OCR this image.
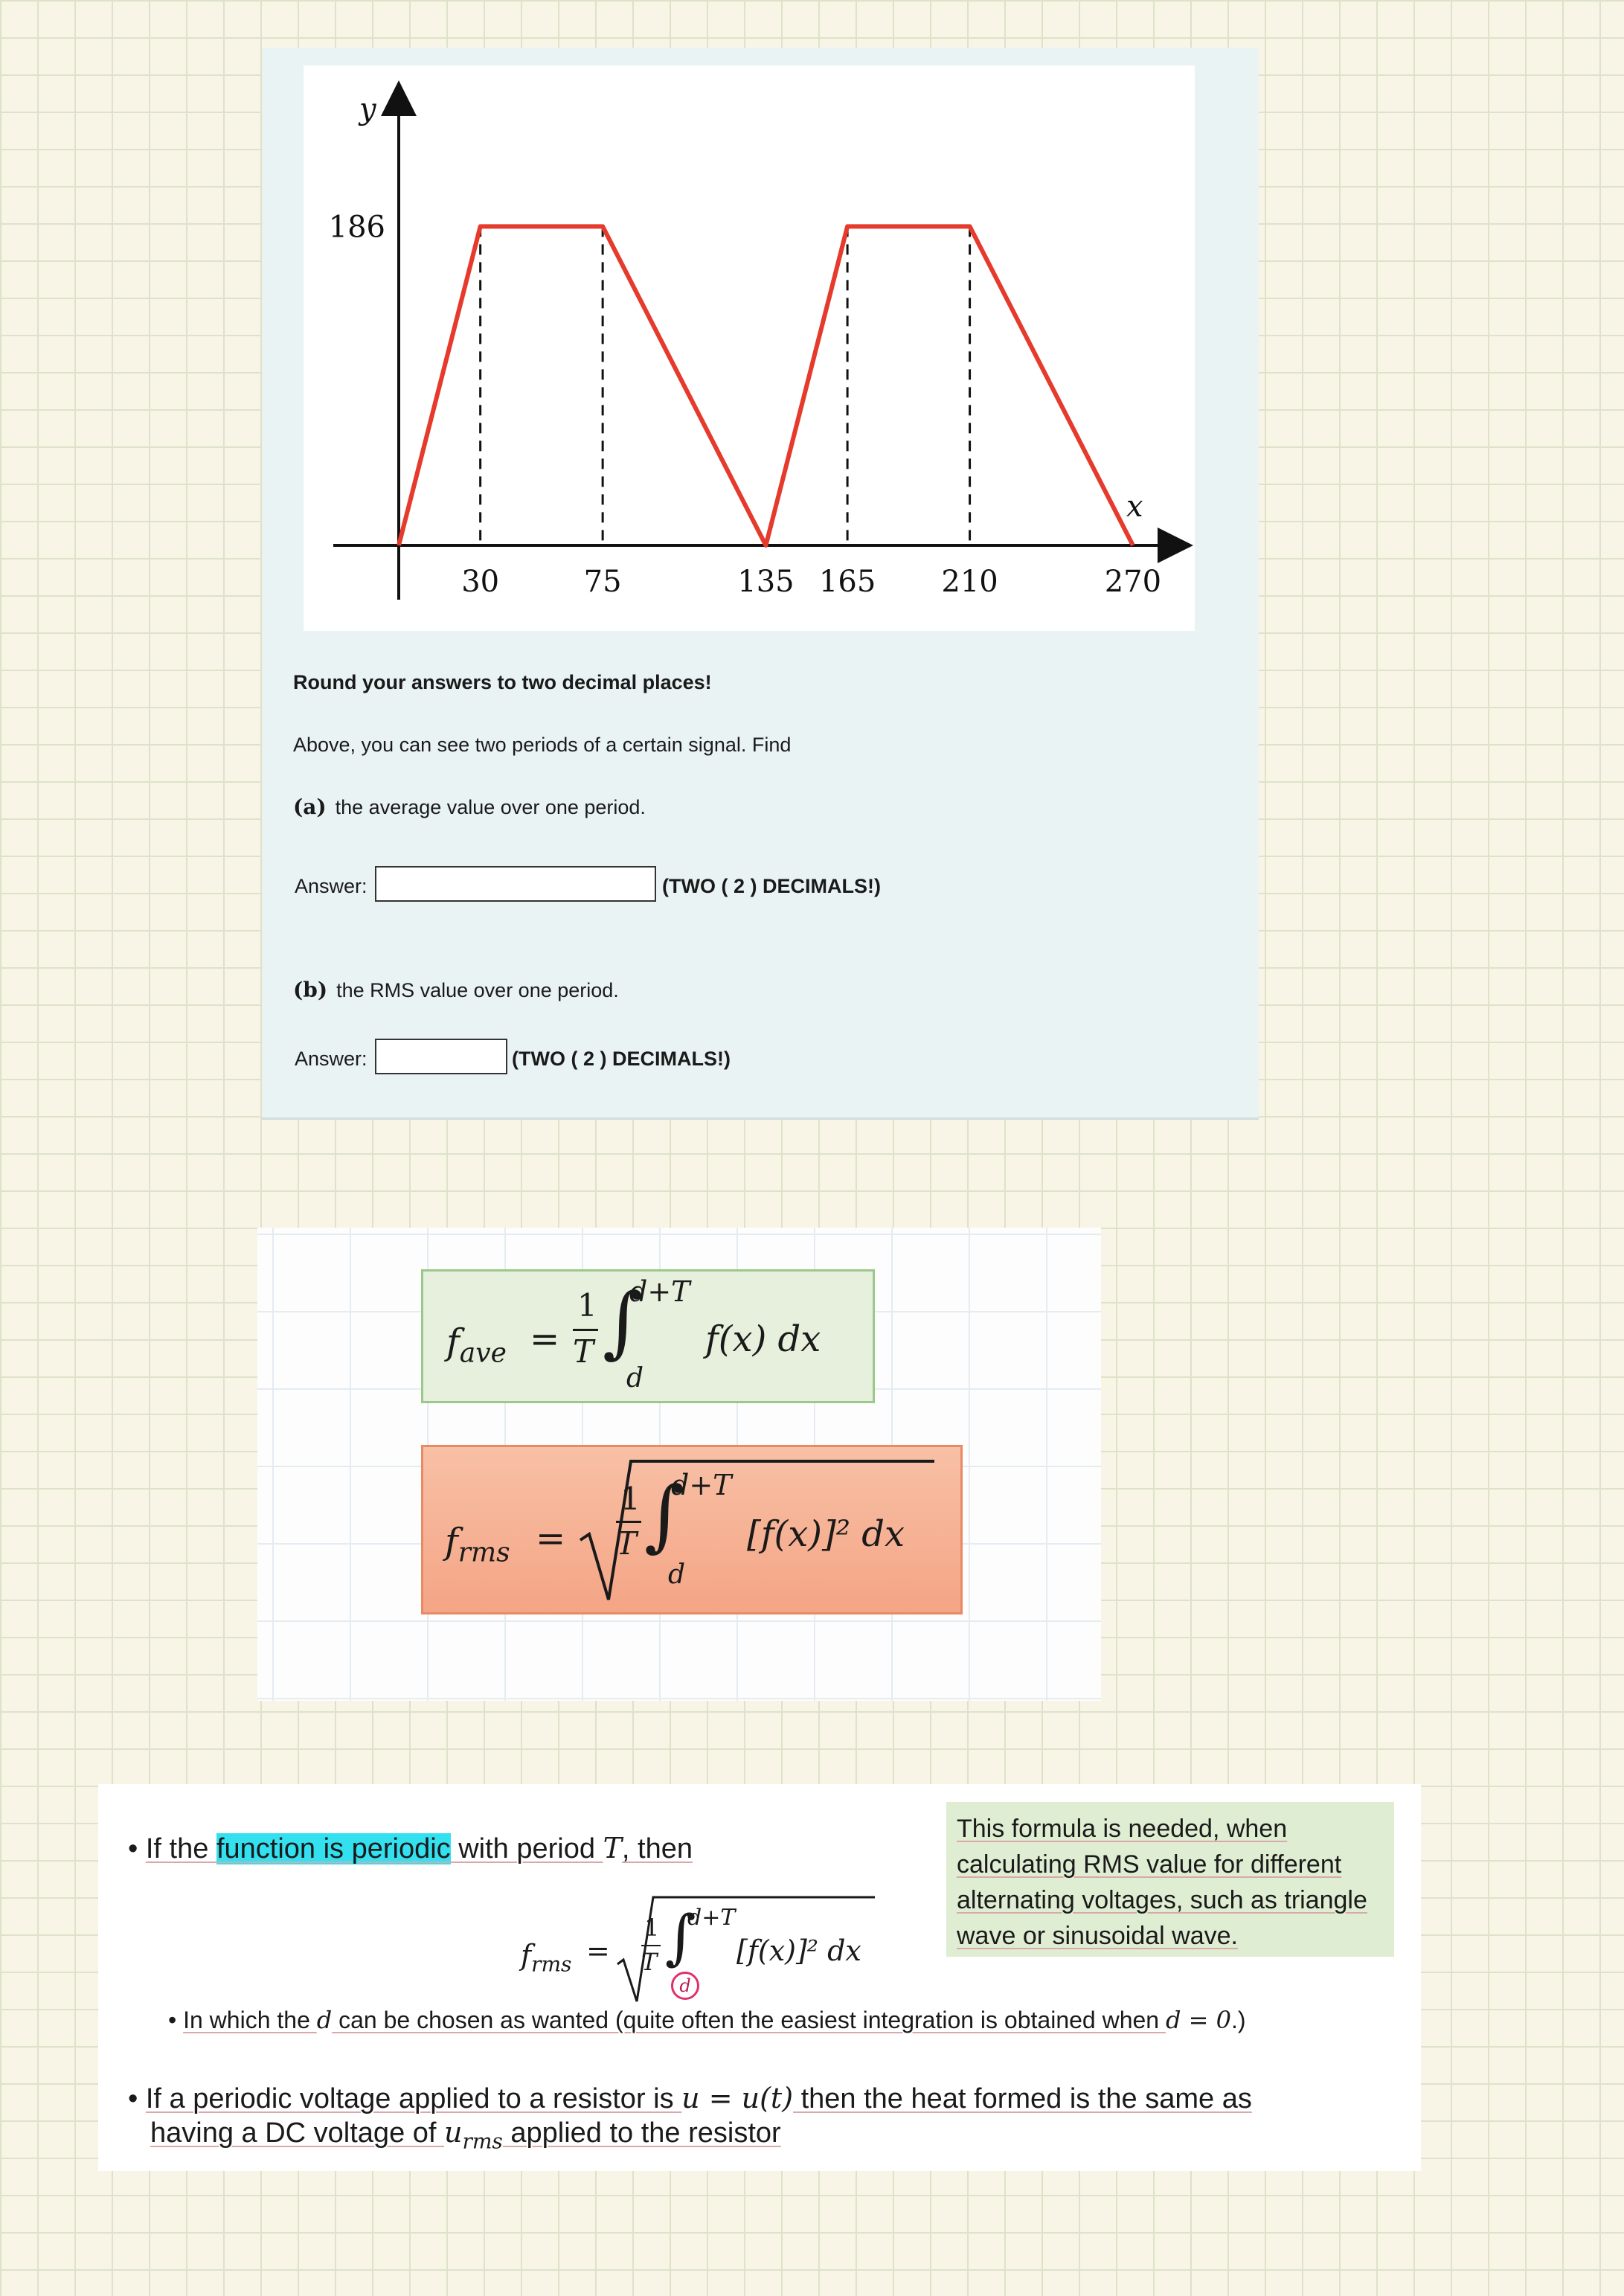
y
x
30	75	135 165 210	270
186
Round your answers to two decimal places!
Above, you can see two periods of a certain signal. Find
(a) the average value over one period.
Answer:	(TWO ( 2 ) DECIMALS!)
(b) the RMS value over one period.
Answer:	(TWO ( 2 ) DECIMALS!)
$f_{ave}$ =
1
T ∫
d+T
d
f(x) dx
$f_{rms}$ =
1
T ∫
d+T
d
[f(x)]² dx
• If the function is periodic with period T, then
$f_{rms}$ =
1
T ∫
d+T
d
[f(x)]² dx
• In which the d can be chosen as wanted (quite often the easiest integration is obtained when d = 0.)
• If a periodic voltage applied to a resistor is u = u(t) then the heat formed is the same as
having a DC voltage of $u_{rms}$ applied to the resistor
This formula is needed, when calculating RMS value for different alternating voltages, such as triangle wave or sinusoidal wave.
